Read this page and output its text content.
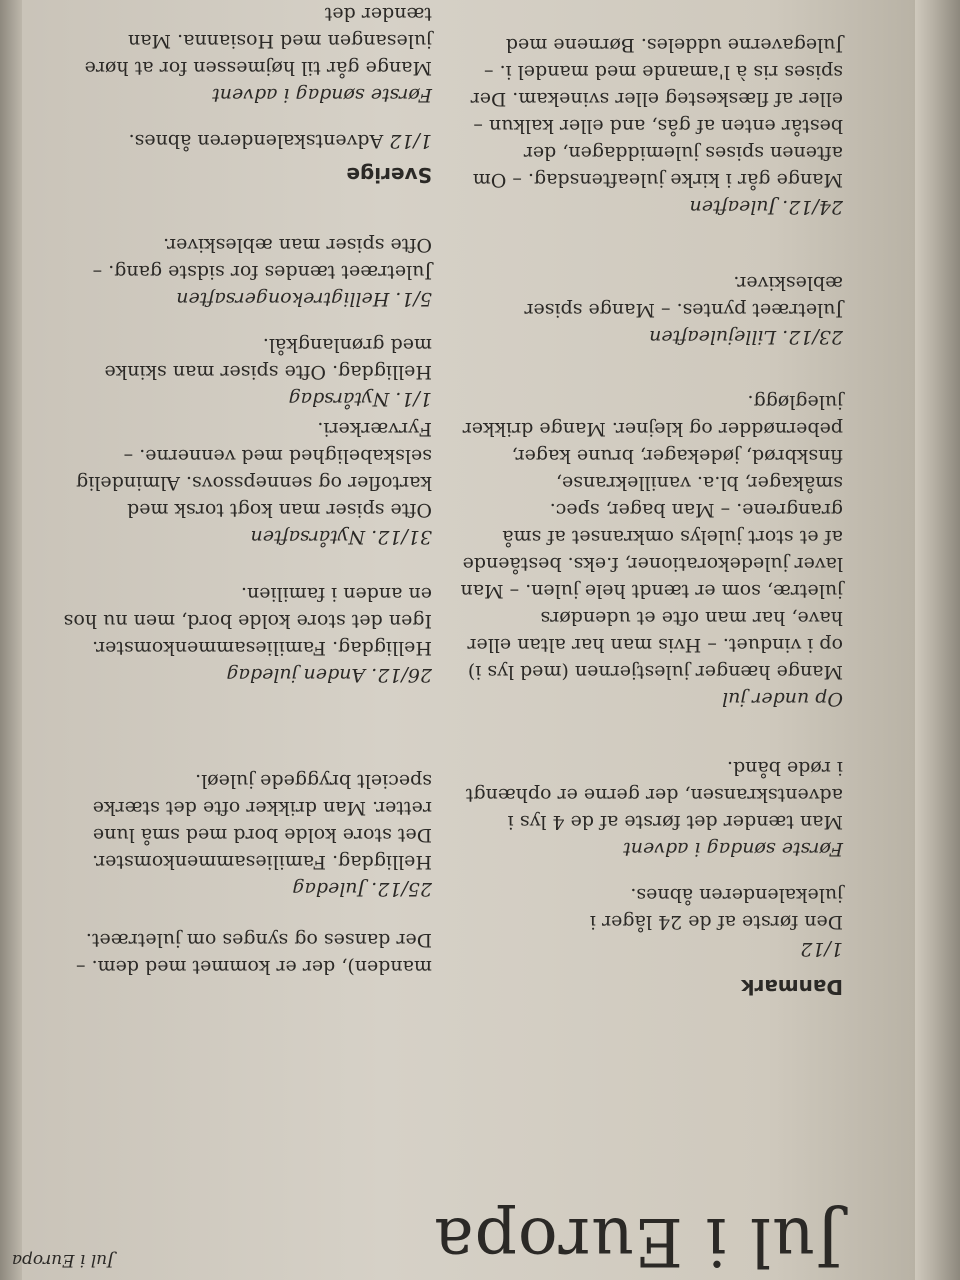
Jul i Europa	Jul i Europa
Danmark
1/12
Den første af de 24 låger i julekalenderen åbnes.
Første søndag i advent
Man tænder det første af de 4 lys i adventskransen, der gerne er ophængt i røde bånd.
Op under jul
Mange hænger julestjernen (med lys i) op i vinduet. – Hvis man har altan eller have, har man ofte et udendørs juletræ, som er tændt hele julen. – Man laver juledekorationer, f.eks. bestående af et stort julelys omkranset af små grangrene. – Man bager, spec. småkager, bl.a. vanillekranse, finskbrød, jødekager, brune kager, pebernødder og klejner. Mange drikker julegløgg.
23/12. Lillejuleaften
Juletræet pyntes. – Mange spiser æbleskiver.
24/12. Juleaften
Mange går i kirke juleaftensdag. – Om aftenen spises julemiddagen, der består enten af gås, and eller kalkun – eller af flæskesteg eller svinekam. Der spises ris à l'amande med mandel i. – Julegaverne uddeles. Børnene med
manden), der er kommet med dem. – Der danses og synges om juletræet.
25/12. Juledag
Helligdag. Familiesammenkomster. Det store kolde bord med små lune retter. Man drikker ofte det stærke specielt bryggede juleøl.
26/12. Anden juledag
Helligdag. Familiesammenkomster. Igen det store kolde bord, men nu hos en anden i familien.
31/12. Nytårsaften
Ofte spiser man kogt torsk med kartofler og sennepssovs. Almindelig selskabelighed med vennerne. – Fyrværkeri.
1/1. Nytårsdag
Helligdag. Ofte spiser man skinke med grønlangkål.
5/1. Helligtrekongersaften
Juletræet tændes for sidste gang. – Ofte spiser man æbleskiver.
Sverige
1/12 Adventskalenderen åbnes.
Første søndag i advent
Mange går til højmessen for at høre julesangen med Hosianna. Man tænder det
